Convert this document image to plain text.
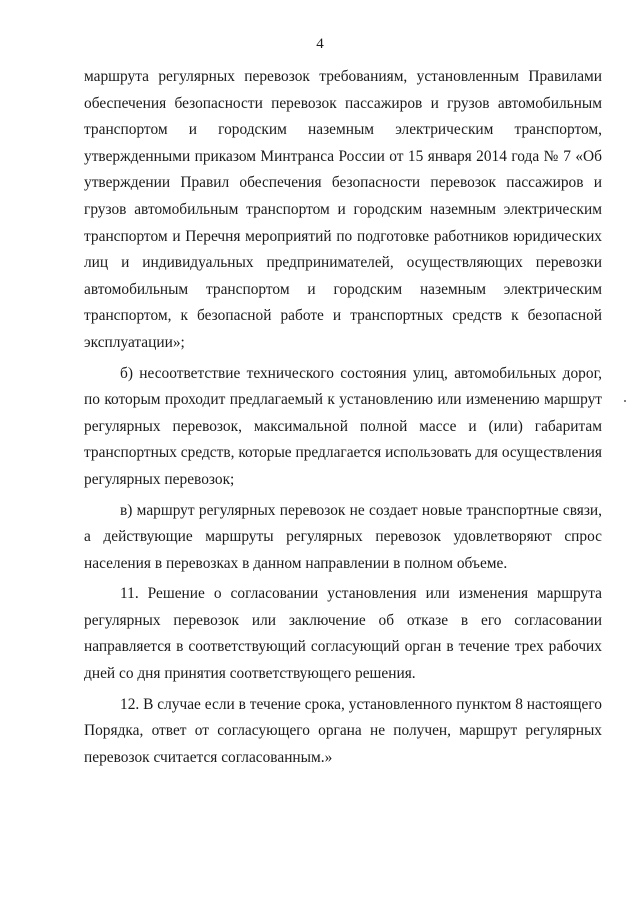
4

маршрута регулярных перевозок требованиям, установленным Правилами обеспечения безопасности перевозок пассажиров и грузов автомобильным транспортом и городским наземным электрическим транспортом, утвержденными приказом Минтранса России от 15 января 2014 года № 7 «Об утверждении Правил обеспечения безопасности перевозок пассажиров и грузов автомобильным транспортом и городским наземным электрическим транспортом и Перечня мероприятий по подготовке работников юридических лиц и индивидуальных предпринимателей, осуществляющих перевозки автомобильным транспортом и городским наземным электрическим транспортом, к безопасной работе и транспортных средств к безопасной эксплуатации»;

б) несоответствие технического состояния улиц, автомобильных дорог, по которым проходит предлагаемый к установлению или изменению маршрут регулярных перевозок, максимальной полной массе и (или) габаритам транспортных средств, которые предлагается использовать для осуществления регулярных перевозок;

в) маршрут регулярных перевозок не создает новые транспортные связи, а действующие маршруты регулярных перевозок удовлетворяют спрос населения в перевозках в данном направлении в полном объеме.

11. Решение о согласовании установления или изменения маршрута регулярных перевозок или заключение об отказе в его согласовании направляется в соответствующий согласующий орган в течение трех рабочих дней со дня принятия соответствующего решения.

12. В случае если в течение срока, установленного пунктом 8 настоящего Порядка, ответ от согласующего органа не получен, маршрут регулярных перевозок считается согласованным.»
